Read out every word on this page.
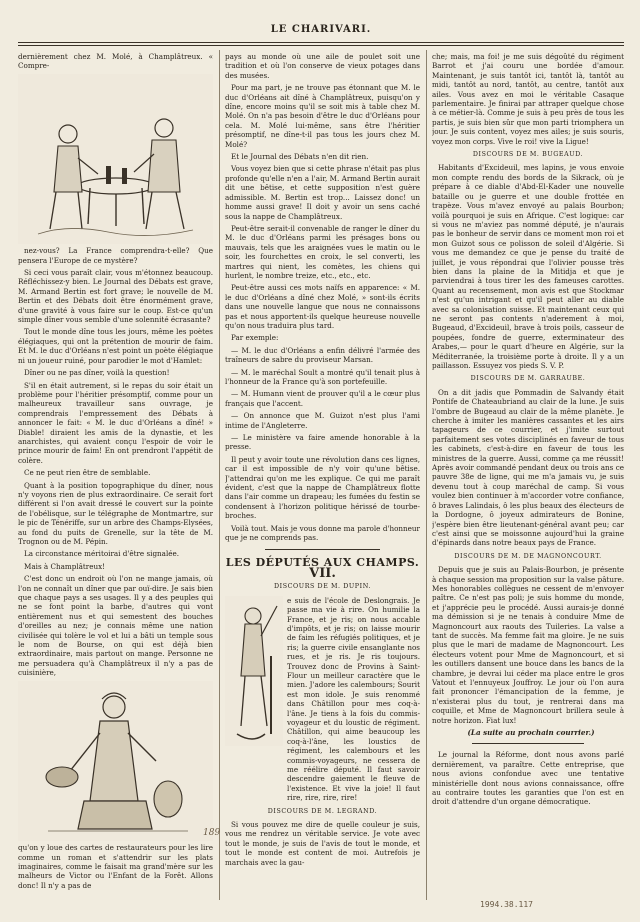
LE CHARIVARI.

dernièrement chez M. Molé, à Champlâtreux. « Compre-

nez-vous? La France comprendra-t-elle? Que penserа l'Europe de ce mystère?

Si ceci vous paraît clair, vous m'étonnez beaucoup. Réfléchissez-y bien. Le Journal des Débats est grave, M. Armand Bertin est fort grave; le nouvelle de M. Bertin et des Débats doit être énormément grave, d'une gravité à vous faire sur le coup. Est-ce qu'un simple dîner vous semble d'une solennité écrasante?

Tout le monde dîne tous les jours, même les poètes élégiaques, qui ont la prétention de mourir de faim. Et M. le duc d'Orléans n'est point un poète élégiaque ni un joueur ruiné, pour parodier le mot d'Hamlet:

Dîner ou ne pas dîner, voilà la question!

S'il en était autrement, si le repas du soir était un problème pour l'héritier présomptif, comme pour un malheureux travailleur sans ouvrage, je comprendrais l'empressement des Débats à annoncer le fait: « M. le duc d'Orléans a dîné! » Diable! diraient les amis de la dynastie, et les anarchistes, qui avaient conçu l'espoir de voir le prince mourir de faim! En ont prendront l'appétit de colère.

Ce ne peut rien être de semblable.

Quant à la position topographique du dîner, nous n'y voyons rien de plus extraordinaire. Ce serait fort différent si l'on avait dressé le couvert sur la pointe de l'obélisque, sur le télégraphe de Montmartre, sur le pic de Ténériffe, sur un arbre des Champs-Elysées, au fond du puits de Grenelle, sur la tête de M. Trognon ou de M. Pépin.

La circonstance méritoirai d'être signalée.

Mais à Champlâtreux!

C'est donc un endroit où l'on ne mange jamais, où l'on ne connaît un dîner que par ouï-dire. Je sais bien que chaque pays a ses usages. Il y a des peuples qui ne se font point la barbe, d'autres qui vont entièrement nus et qui semestent des bouches d'oreilles au nez; je connais même une nation civilisée qui tolère le vol et lui a bâti un temple sous le nom de Bourse, on qui est déjà bien extraordinaire, mais partout on mange. Personne ne me persuadera qu'à Champlâtreux il n'y a pas de cuisinière,

qu'on y loue des cartes de restaurateurs pour les lire comme un roman et s'attendrir sur les plats imaginaires, comme le faisait ma grand'mère sur les malheurs de Victor ou l'Enfant de la Forêt. Allons donc! Il n'y a pas de

pays au monde où une aile de poulet soit une tradition et où l'on conserve de vieux potages dans des musées.

Pour ma part, je ne trouve pas étonnant que M. le duc d'Orléans ait dîné à Champlâtreux, puisqu'on y dîne, encore moins qu'il se soit mis à table chez M. Molé. On n'a pas besoin d'être le duc d'Orléans pour cela. M. Molé lui-même, sans être l'héritier présomptif, ne dîne-t-il pas tous les jours chez M. Molé?

Et le Journal des Débats n'en dit rien.

Vous voyez bien que si cette phrase n'était pas plus profonde qu'elle n'en a l'air, M. Armand Bertin aurait dit une bêtise, et cette supposition n'est guère admissible. M. Bertin est trop... Laissez donc! un homme aussi grave! Il doit y avoir un sens caché sous la nappe de Champlâtreux.

Peut-être serait-il convenable de ranger le dîner du M. le duc d'Orléans parmi les présages bons ou mauvais, tels que les araignées vues le matin ou le soir, les fourchettes en croix, le sel convertі, les martres qui nient, les comètes, les chiens qui hurlent, le nombre treize, etc., etc., etc.

Peut-être aussi ces mots naïfs en apparence: « M. le duc d'Orléans a dîné chez Molé, » sont-ils écrits dans une nouvelle langue que nous ne connaissons pas et nous apportent-ils quelque heureuse nouvelle qu'on nous traduira plus tard.

Par exemple:

— M. le duc d'Orléans a enfin délivré l'armée des traîneurs de sabre du proviseur Marsan.

— M. le maréchal Soult a montré qu'il tenait plus à l'honneur de la France qu'à son portefeuille.

— M. Humann vient de prouver qu'il a le cœur plus français que l'accent.

— On annonce que M. Guizot n'est plus l'ami intime de l'Angleterre.

— Le ministère va faire amende honorable à la presse.

Il peut y avoir toute une révolution dans ces lignes, car il est impossible de n'y voir qu'une bêtise. J'attendrai qu'on me les explique. Ce qui me paraît évident, c'est que la nappe de Champlâtreux flotte dans l'air comme un drapeau; les fumées du festin se condensent à l'horizon politique hérissé de tourbe-broches.

Voilà tout. Mais je vous donne ma parole d'honneur que je ne comprends pas.

LES DÉPUTÉS AUX CHAMPS.
VII.
DISCOURS DE M. DUPIN.

e suis de l'école de Deslongrais. Je passe ma vie à rire. On humilie la France, et je ris; on nous accable d'impôts, et je ris; on laisse mourir de faim les réfugiés politiques, et je ris; la guerre civile ensanglante nos rues, et je ris. Je ris toujours. Trouvez donc de Provins à Saint-Flour un meilleur caractère que le mien. J'adore les calembours; Sourit est mon idole. Je suis renommé dans Châtillon pour mes coq-à-l'âne. Je tiens à la fois du commis-voyageur et du loustic de régiment. Châtillon, qui aime beaucoup les coq-à-l'âne, les loustics de régiment, les calembours et les commis-voyageurs, ne cessera de me réélire député. Il faut savoir descendre gaiement le fleuve de l'existence. Et vive la joie! Il faut rire, rire, rire, rire!

DISCOURS DE M. LEGRAND.

Si vous pouvez me dire de quelle couleur je suis, vous me rendrez un véritable service. Je vote avec tout le monde, je suis de l'avis de tout le monde, et tout le monde est content de moi. Autrefois je marchais avec la gau-

che; mais, ma foi! je me suis dégoûté du régiment Barrot et j'ai couru une bordée d'amour. Maintenant, je suis tantôt ici, tantôt là, tantôt au midi, tantôt au nord, tantôt, au centre, tantôt aux ailes. Vous avez en moi le véritable Casaque parlementaire. Je finirai par attraper quelque chose à ce métier-là. Comme je suis à peu près de tous les partis, je suis bien sûr que mon parti triomphera un jour. Je suis content, voyez mes ailes; je suis souris, voyez mon corps. Vive le roi! vive la Ligue!

DISCOURS DE M. BUGEAUD.

Habitants d'Excideuil, mes lapins, je vous envoie mon compte rendu des bords de la Sikrack, où je prépare à ce diable d'Abd-El-Kader une nouvelle bataille ou je guerre et une double frottée en trapèze. Vous m'avez envoyé au palais Bourbon; voilà pourquoi je suis en Afrique. C'est logique: car si vous ne m'aviez pas nommé député, je n'aurais pas le bonheur de servir dans ce moment mon roi et mon Guizot sous ce polisson de soleil d'Algérie. Si vous me demandez ce que je pense du traité de juillet, je vous répondrai que l'olivier pousse très bien dans la plaine de la Mitidja et que je parviendrai à tous tirer les des fameuses carottes. Quant au recensement, mon avis est que Stockmar n'est qu'un intrigant et qu'il peut aller au diable avec sa colonisation suisse. Et maintenant ceux qui ne seront pas contents n'aderement à moi, Bugeaud, d'Excideuil, brave à trois poils, casseur de poupées, fondre de guerre, exterminateur des Arabes,— pour le quart d'heure en Algérie, sur la Méditerranée, la troisième porte à droite. Il y a un paillasson. Essuyez vos pieds S. V. P.

DISCOURS DE M. GARRAUBE.

On a dit jadis que Pommadin de Salvandy était Pontife de Chateaubriand au clair de la lune. Je suis l'ombre de Bugeaud au clair de la même planète. Je cherche à imiter les manières cassantes et les airs tapageurs de ce courrier, et j'imite surtout parfaitement ses votes disciplinés en faveur de tous les cabinets, c'est-à-dire en faveur de tous les ministres de la guerre. Aussi, comme ça me réussit! Après avoir commandé pendant deux ou trois ans ce pauvre 38e de ligne, qui me m'a jamais vu, je suis devenu tout à coup maréchal de camp. Si vous voulez bien continuer à m'accorder votre confiance, ô braves Lalindais, ô les plus beaux des électeurs de la Dordogne, ô joyeux admirateurs de Bonine, j'espère bien être lieutenant-général avant peu; car c'est ainsi que se moissonne aujourd'hui la graine d'épinards dans notre beaux pays de France.

DISCOURS DE M. DE MAGNONCOURT.

Depuis que je suis au Palais-Bourbon, je présente à chaque session ma proposition sur la valse pâture. Mes honorables collègues ne cessent de m'envoyer paître. Ce n'est pas poli; je suis homme du monde, et j'apprécie peu le procédé. Aussi aurais-je donné ma démission si je ne tenais à conduire Mme de Magnoncourt aux raouts des Tuileries. La valse a tant de succès. Ma femme fait ma gloire. Je ne suis plus que le mari de madame de Magnoncourt. Les électeurs votent pour Mme de Magnoncourt, et si les outillers dansent une bouce dans les bancs de la chambre, je devrai lui céder ma place entre le gros Vatout et l'ennuyeux Jouffroy. Le jour où l'on aura fait prononcer l'émancipation de la femme, je n'existerai plus du tout, je rentrerai dans ma coquille, et Mme de Magnoncourt brillera seule à notre horizon. Fiat lux!

(La suite au prochain courrier.)

Le journal la Réforme, dont nous avons parlé dernièrement, va paraître. Cette entreprise, que nous avions confondue avec une tentative ministérielle dont nous avions connaissance, offre au contraire toutes les garanties que l'on est en droit d'attendre d'un organe démocratique.

189
1994.38.117
